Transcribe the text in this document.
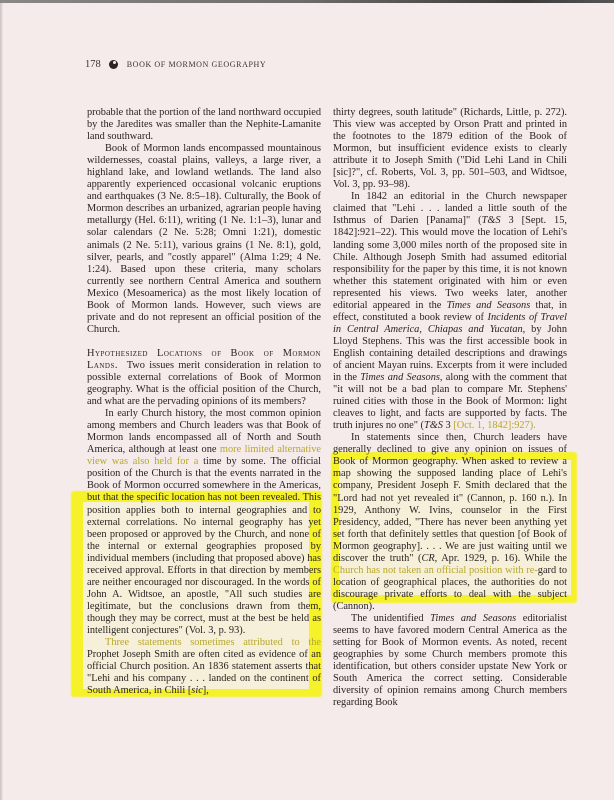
178	BOOK OF MORMON GEOGRAPHY

probable that the portion of the land northward occupied by the Jaredites was smaller than the Nephite-Lamanite land southward.

Book of Mormon lands encompassed mountainous wildernesses, coastal plains, valleys, a large river, a highland lake, and lowland wetlands. The land also apparently experienced occasional volcanic eruptions and earthquakes (3 Ne. 8:5–18). Culturally, the Book of Mormon describes an urbanized, agrarian people having metallurgy (Hel. 6:11), writing (1 Ne. 1:1–3), lunar and solar calendars (2 Ne. 5:28; Omni 1:21), domestic animals (2 Ne. 5:11), various grains (1 Ne. 8:1), gold, silver, pearls, and "costly apparel" (Alma 1:29; 4 Ne. 1:24). Based upon these criteria, many scholars currently see northern Central America and southern Mexico (Mesoamerica) as the most likely location of Book of Mormon lands. However, such views are private and do not represent an official position of the Church.

Hypothesized Locations of Book of Mormon Lands. Two issues merit consideration in relation to possible external correlations of Book of Mormon geography. What is the official position of the Church, and what are the pervading opinions of its members?

In early Church history, the most common opinion among members and Church leaders was that Book of Mormon lands encompassed all of North and South America, although at least one more limited alternative view was also held for a time by some. The official position of the Church is that the events narrated in the Book of Mormon occurred somewhere in the Americas, but that the specific location has not been revealed. This position applies both to internal geographies and to external correlations. No internal geography has yet been proposed or approved by the Church, and none of the internal or external geographies proposed by individual members (including that proposed above) has received approval. Efforts in that direction by members are neither encouraged nor discouraged. In the words of John A. Widtsoe, an apostle, "All such studies are legitimate, but the conclusions drawn from them, though they may be correct, must at the best be held as intelligent conjectures" (Vol. 3, p. 93).

Three statements sometimes attributed to the Prophet Joseph Smith are often cited as evidence of an official Church position. An 1836 statement asserts that "Lehi and his company . . . landed on the continent of South America, in Chili [sic],

thirty degrees, south latitude" (Richards, Little, p. 272). This view was accepted by Orson Pratt and printed in the footnotes to the 1879 edition of the Book of Mormon, but insufficient evidence exists to clearly attribute it to Joseph Smith ("Did Lehi Land in Chili [sic]?", cf. Roberts, Vol. 3, pp. 501–503, and Widtsoe, Vol. 3, pp. 93–98).

In 1842 an editorial in the Church newspaper claimed that "Lehi . . . landed a little south of the Isthmus of Darien [Panama]" (T&S 3 [Sept. 15, 1842]:921–22). This would move the location of Lehi's landing some 3,000 miles north of the proposed site in Chile. Although Joseph Smith had assumed editorial responsibility for the paper by this time, it is not known whether this statement originated with him or even represented his views. Two weeks later, another editorial appeared in the Times and Seasons that, in effect, constituted a book review of Incidents of Travel in Central America, Chiapas and Yucatan, by John Lloyd Stephens. This was the first accessible book in English containing detailed descriptions and drawings of ancient Mayan ruins. Excerpts from it were included in the Times and Seasons, along with the comment that "it will not be a bad plan to compare Mr. Stephens' ruined cities with those in the Book of Mormon: light cleaves to light, and facts are supported by facts. The truth injures no one" (T&S 3 [Oct. 1, 1842]:927).

In statements since then, Church leaders have generally declined to give any opinion on issues of Book of Mormon geography. When asked to review a map showing the supposed landing place of Lehi's company, President Joseph F. Smith declared that the "Lord had not yet revealed it" (Cannon, p. 160 n.). In 1929, Anthony W. Ivins, counselor in the First Presidency, added, "There has never been anything yet set forth that definitely settles that question [of Book of Mormon geography]. . . . We are just waiting until we discover the truth" (CR, Apr. 1929, p. 16). While the Church has not taken an official position with re-gard to location of geographical places, the authorities do not discourage private efforts to deal with the subject (Cannon).

The unidentified Times and Seasons editorialist seems to have favored modern Central America as the setting for Book of Mormon events. As noted, recent geographies by some Church members promote this identification, but others consider upstate New York or South America the correct setting. Considerable diversity of opinion remains among Church members regarding Book
